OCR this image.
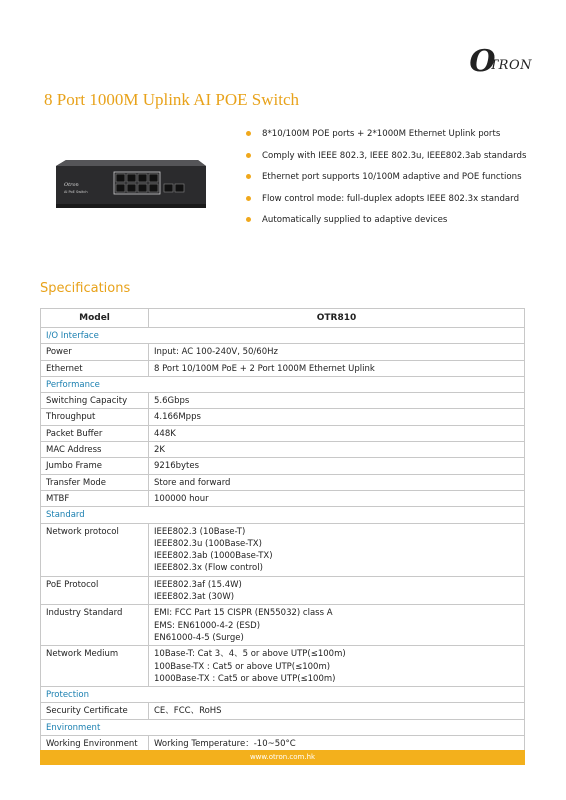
OTRON
8 Port 1000M Uplink AI POE Switch
Otron
AI PoE Switch
8*10/100M POE ports + 2*1000M Ethernet Uplink ports
Comply with IEEE 802.3, IEEE 802.3u, IEEE802.3ab standards
Ethernet port supports 10/100M adaptive and POE functions
Flow control mode: full-duplex adopts IEEE 802.3x standard
Automatically supplied to adaptive devices
Specifications
Model	OTR810
I/O Interface	
Power	Input: AC 100-240V, 50/60Hz

Ethernet	8 Port 10/100M PoE + 2 Port 1000M Ethernet Uplink

Performance	
Switching Capacity	5.6Gbps

Throughput	4.166Mpps

Packet Buffer	448K

MAC Address	2K

Jumbo Frame	9216bytes

Transfer Mode	Store and forward

MTBF	100000 hour

Standard	
Network protocol	IEEE802.3 (10Base-T)
IEEE802.3u (100Base-TX)
IEEE802.3ab (1000Base-TX)
IEEE802.3x (Flow control)

PoE Protocol	IEEE802.3af (15.4W)
IEEE802.3at (30W)

Industry Standard	EMI: FCC Part 15 CISPR (EN55032) class A
EMS: EN61000-4-2 (ESD)
EN61000-4-5 (Surge)

Network Medium	10Base-T: Cat 3、4、5 or above UTP(≤100m)
100Base-TX : Cat5 or above UTP(≤100m)
1000Base-TX : Cat5 or above UTP(≤100m)

Protection	
Security Certificate	CE、FCC、RoHS

Environment	
Working Environment	Working Temperature：-10~50°C
www.otron.com.hk
